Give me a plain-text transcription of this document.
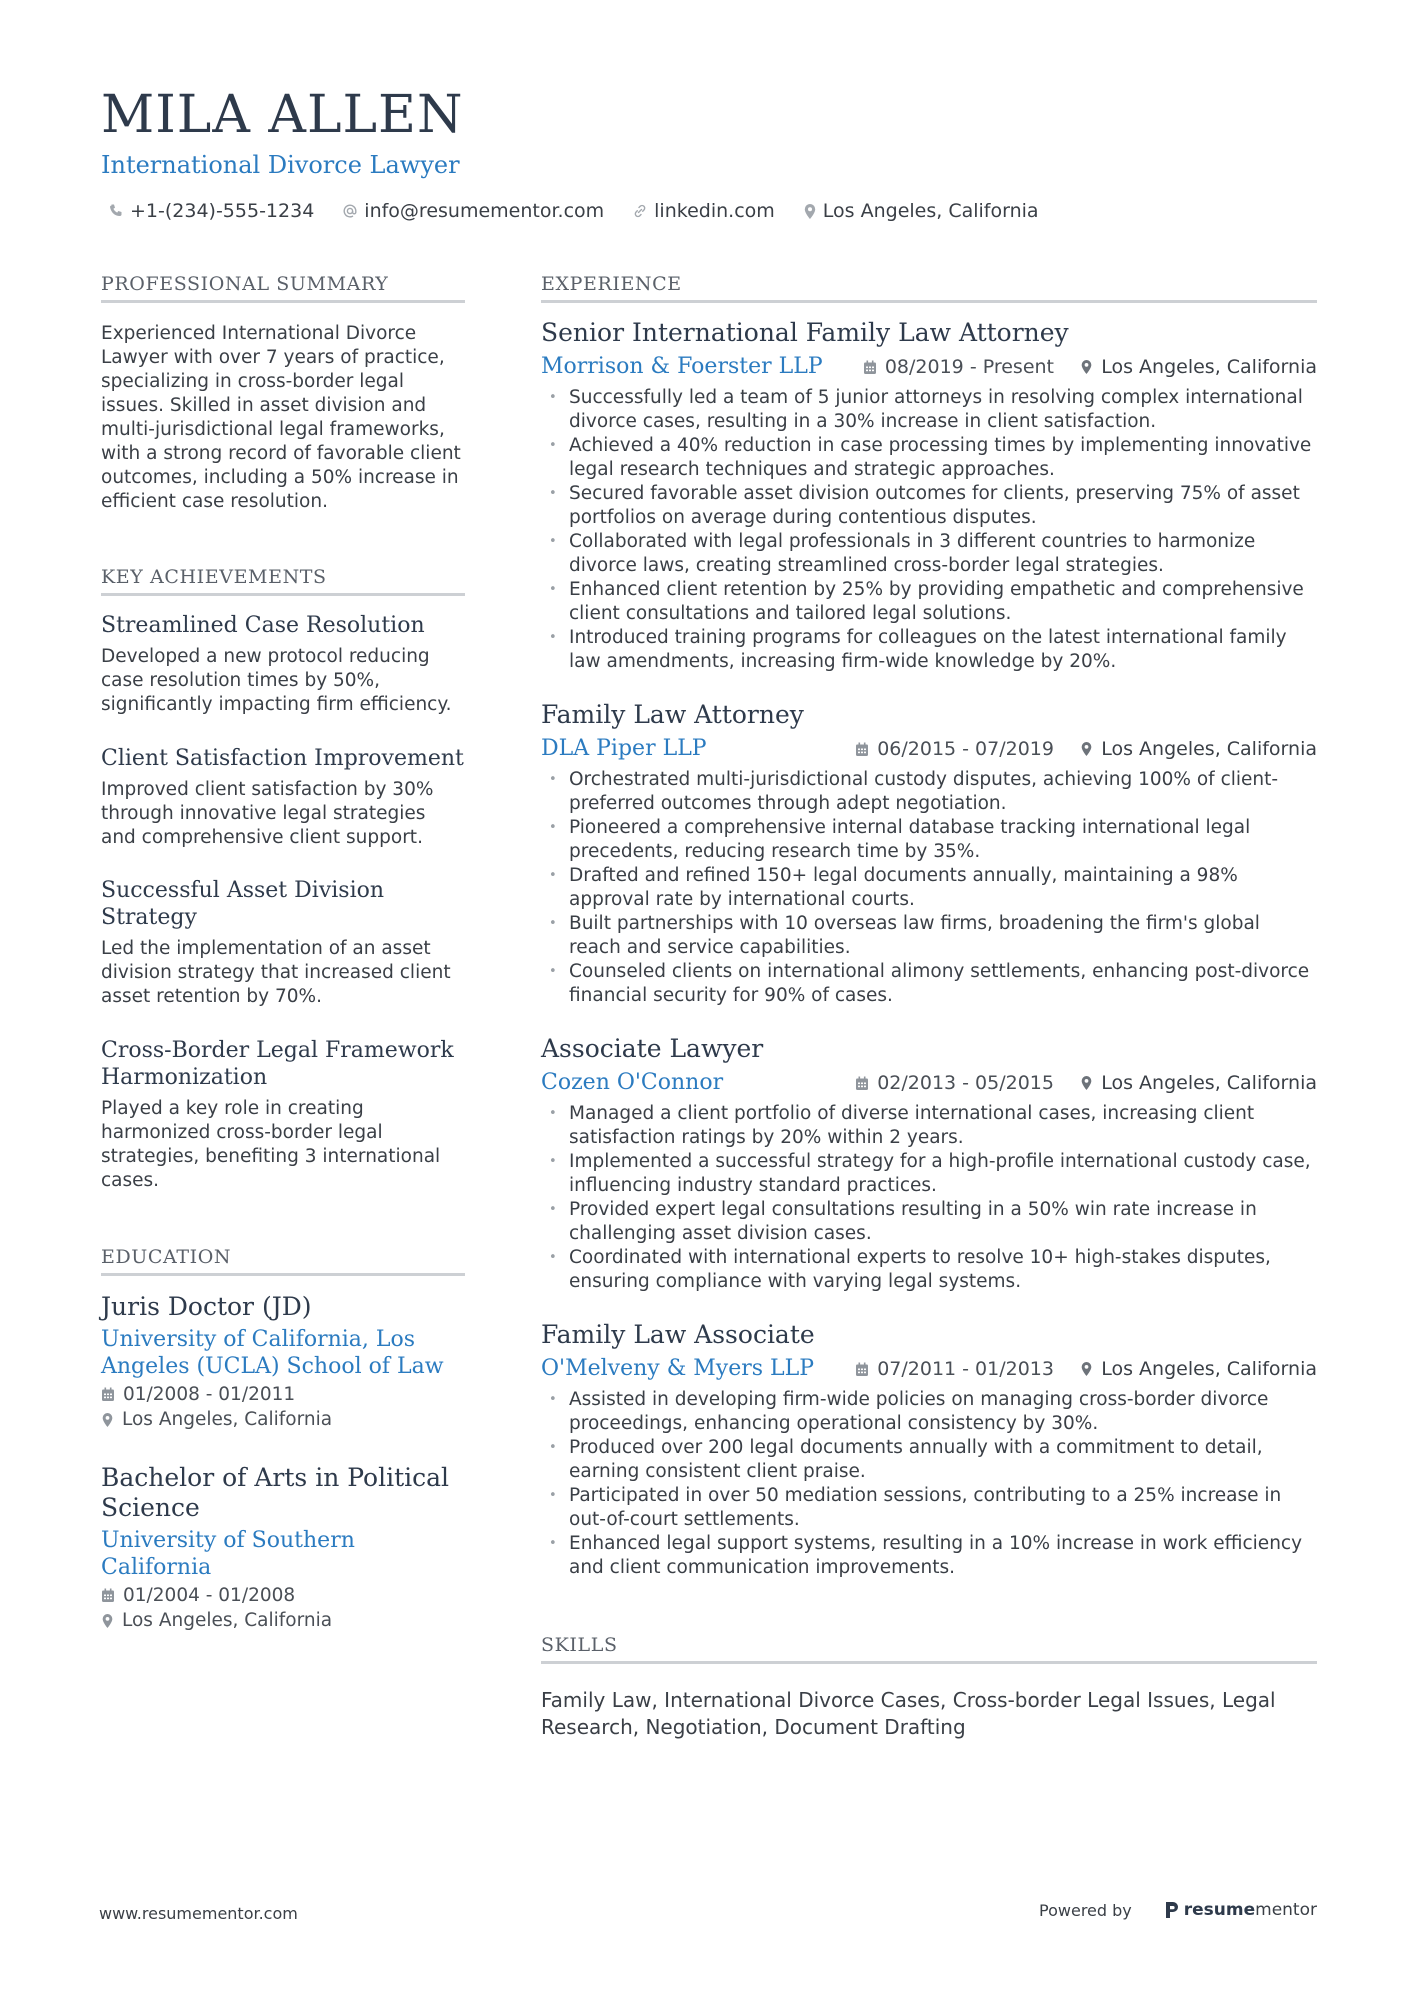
MILA ALLEN
International Divorce Lawyer
+1-(234)-555-1234	info@resumementor.com	linkedin.com	Los Angeles, California
PROFESSIONAL SUMMARY
Experienced International Divorce Lawyer with over 7 years of practice, specializing in cross-border legal issues. Skilled in asset division and multi-jurisdictional legal frameworks, with a strong record of favorable client outcomes, including a 50% increase in efficient case resolution.
KEY ACHIEVEMENTS
Streamlined Case Resolution
Developed a new protocol reducing case resolution times by 50%, significantly impacting firm efficiency.
Client Satisfaction Improvement
Improved client satisfaction by 30% through innovative legal strategies and comprehensive client support.
Successful Asset Division Strategy
Led the implementation of an asset division strategy that increased client asset retention by 70%.
Cross-Border Legal Framework Harmonization
Played a key role in creating harmonized cross-border legal strategies, benefiting 3 international cases.
EDUCATION
Juris Doctor (JD)
University of California, Los Angeles (UCLA) School of Law
01/2008 - 01/2011
Los Angeles, California
Bachelor of Arts in Political Science
University of Southern California
01/2004 - 01/2008
Los Angeles, California
EXPERIENCE
Senior International Family Law Attorney
Morrison & Foerster LLP	08/2019 - Present Los Angeles, California
• Successfully led a team of 5 junior attorneys in resolving complex international divorce cases, resulting in a 30% increase in client satisfaction.
• Achieved a 40% reduction in case processing times by implementing innovative legal research techniques and strategic approaches.
• Secured favorable asset division outcomes for clients, preserving 75% of asset portfolios on average during contentious disputes.
• Collaborated with legal professionals in 3 different countries to harmonize divorce laws, creating streamlined cross-border legal strategies.
• Enhanced client retention by 25% by providing empathetic and comprehensive client consultations and tailored legal solutions.
• Introduced training programs for colleagues on the latest international family law amendments, increasing firm-wide knowledge by 20%.
Family Law Attorney
DLA Piper LLP	06/2015 - 07/2019 Los Angeles, California
• Orchestrated multi-jurisdictional custody disputes, achieving 100% of client-preferred outcomes through adept negotiation.
• Pioneered a comprehensive internal database tracking international legal precedents, reducing research time by 35%.
• Drafted and refined 150+ legal documents annually, maintaining a 98% approval rate by international courts.
• Built partnerships with 10 overseas law firms, broadening the firm's global reach and service capabilities.
• Counseled clients on international alimony settlements, enhancing post-divorce financial security for 90% of cases.
Associate Lawyer
Cozen O'Connor	02/2013 - 05/2015 Los Angeles, California
• Managed a client portfolio of diverse international cases, increasing client satisfaction ratings by 20% within 2 years.
• Implemented a successful strategy for a high-profile international custody case, influencing industry standard practices.
• Provided expert legal consultations resulting in a 50% win rate increase in challenging asset division cases.
• Coordinated with international experts to resolve 10+ high-stakes disputes, ensuring compliance with varying legal systems.
Family Law Associate
O'Melveny & Myers LLP	07/2011 - 01/2013 Los Angeles, California
• Assisted in developing firm-wide policies on managing cross-border divorce proceedings, enhancing operational consistency by 30%.
• Produced over 200 legal documents annually with a commitment to detail, earning consistent client praise.
• Participated in over 50 mediation sessions, contributing to a 25% increase in out-of-court settlements.
• Enhanced legal support systems, resulting in a 10% increase in work efficiency and client communication improvements.
SKILLS
Family Law, International Divorce Cases, Cross-border Legal Issues, Legal Research, Negotiation, Document Drafting
www.resumementor.com	Powered by	resume mentor
